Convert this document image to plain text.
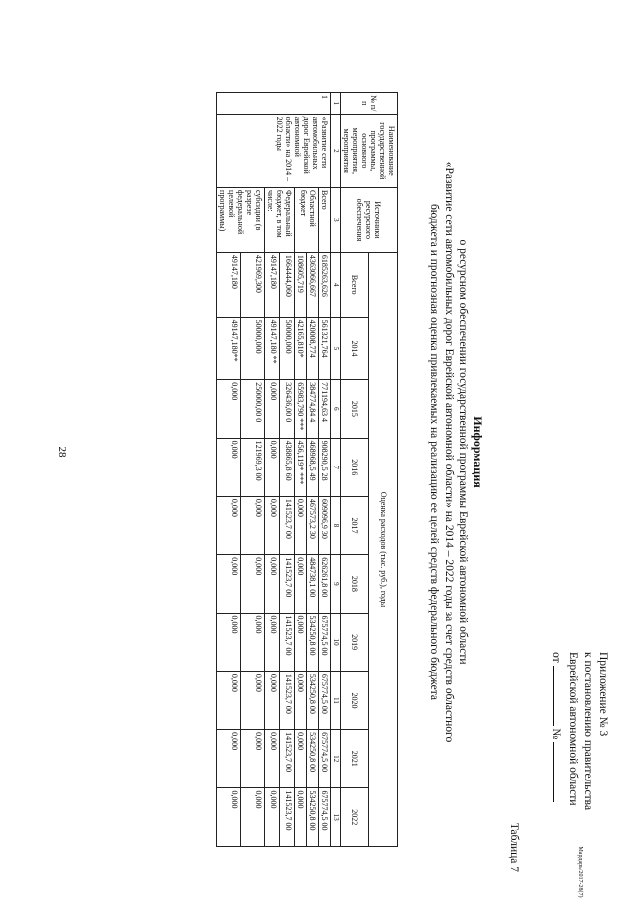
28
Мардарь/2017-28(7)
Приложение № 3
к постановлению правительства
Еврейской автономной области
от  №
Таблица 7
Информация
о ресурсном обеспечении государственной программы Еврейской автономной области
«Развитие сети автомобильных дорог Еврейской автономной области» на 2014 – 2022 годы за счет средств областного
бюджета и прогнозная оценка привлекаемых на реализацию ее целей средств федерального бюджета
№ п/п	Наименование государственной программы, основного мероприятия, мероприятия	Источники ресурсного обеспечения	Оценка расходов (тыс. руб.), годы									
			Всего	2014	2015	2016	2017	2018	2019	2020	2021	2022
1	2	3	4	5	6	7	8	9	10	11	12	13
1	«Развитие сети автомобильных дорог Еврейской автономной области» на 2014 – 2022 годы	Всего	6185263,626	561321,764	771194,63 4	908290,5 28	609096,9 30	626261,8 00	675774,5 00	675774,5 00	675774,5 00	675774,5 00
		Областной бюджет	4363066,667	420008,774	384774,84 4	468968,5 49	467573,2 30	484738,1 00	534250,8 00	534250,8 00	534250,8 00	534250,8 00
			108605,719	42165,810*	65983,790 ***	456,119* ***	0,000	0,000	0,000	0,000	0,000	0,000
		Федеральный бюджет, в том числе:	1664444,060	50000,000	326436,00 0	438865,8 60	141523,7 00	141523,7 00	141523,7 00	141523,7 00	141523,7 00	141523,7 00
			49147,180	49147,180 **	0,000	0,000	0,000	0,000	0,000	0,000	0,000	0,000
		субсидии (в разрезе федеральной целевой программы)	421969,300	50000,000	250000,00 0	121969,3 00	0,000	0,000	0,000	0,000	0,000	0,000
			49147,180	49147,180**	0,000	0,000	0,000	0,000	0,000	0,000	0,000	0,000
